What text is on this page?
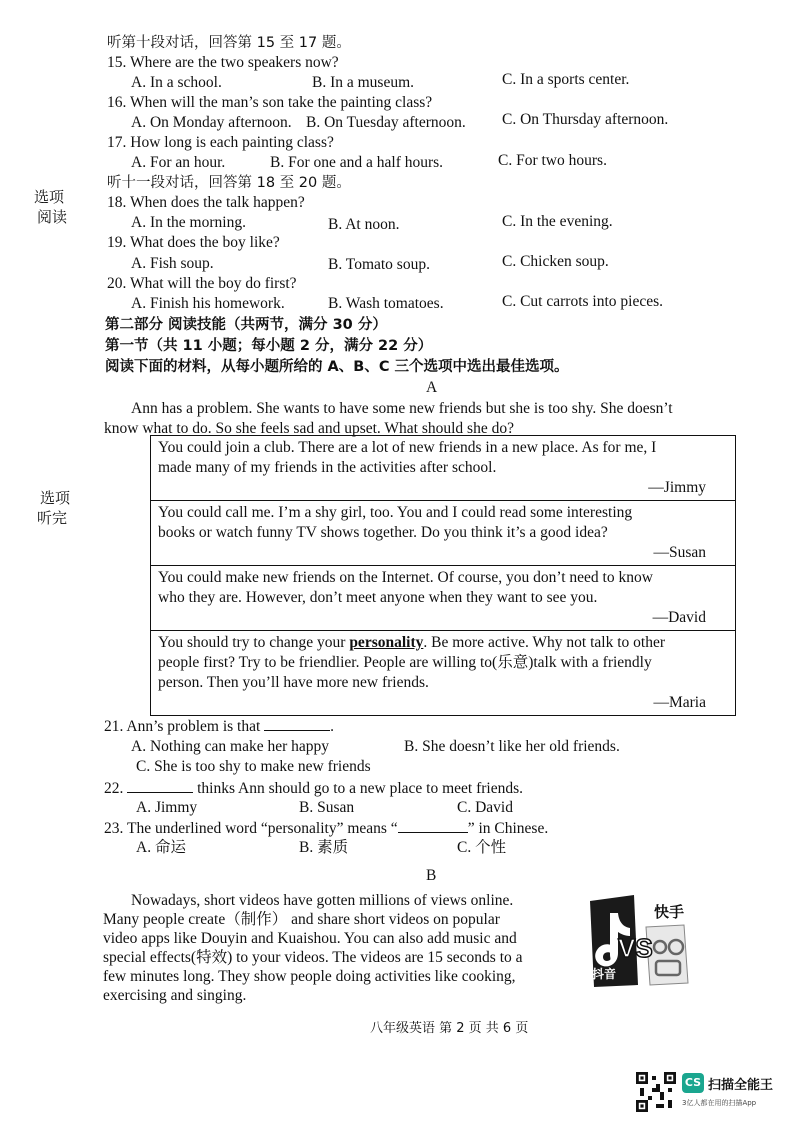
听第十段对话，回答第 15 至 17 题。
15. Where are the two speakers now?
A. In a school.	B. In a museum.	C. In a sports center.
16. When will the man’s son take the painting class?
A. On Monday afternoon. B. On Tuesday afternoon. C. On Thursday afternoon.
17. How long is each painting class?
A. For an hour.	B. For one and a half hours.	C. For two hours.
听十一段对话，回答第 18 至 20 题。
18. When does the talk happen?
A. In the morning.	B. At noon.	C. In the evening.
19. What does the boy like?
A. Fish soup.	B. Tomato soup.	C. Chicken soup.
20. What will the boy do first?
A. Finish his homework.	B. Wash tomatoes.	C. Cut carrots into pieces.
选项
阅读
选项
听完
第二部分 阅读技能（共两节，满分 30 分）
第一节（共 11 小题；每小题 2 分，满分 22 分）
阅读下面的材料，从每小题所给的 A、B、C 三个选项中选出最佳选项。
A
Ann has a problem. She wants to have some new friends but she is too shy. She doesn’t
know what to do. So she feels sad and upset. What should she do?
You could join a club. There are a lot of new friends in a new place. As for me, I
made many of my friends in the activities after school.
—Jimmy
You could call me. I’m a shy girl, too. You and I could read some interesting
books or watch funny TV shows together. Do you think it’s a good idea?
—Susan
You could make new friends on the Internet. Of course, you don’t need to know
who they are. However, don’t meet anyone when they want to see you.
—David
You should try to change your personality. Be more active. Why not talk to other
people first? Try to be friendlier. People are willing to(乐意)talk with a friendly
person. Then you’ll have more new friends.
—Maria
21. Ann’s problem is that	.
A. Nothing can make her happy	B. She doesn’t like her old friends.
C. She is too shy to make new friends
22.	thinks Ann should go to a new place to meet friends.
A. Jimmy	B. Susan	C. David
23. The underlined word “personality” means “	” in Chinese.
A. 命运	B. 素质	C. 个性
B
Nowadays, short videos have gotten millions of views online.
Many people create（制作） and share short videos on popular
video apps like Douyin and Kuaishou. You can also add music and
special effects(特效) to your videos. The videos are 15 seconds to a
few minutes long. They show people doing activities like cooking,
exercising and singing.
快手
抖音
VS
八年级英语 第 2 页 共 6 页
CS 扫描全能王
3亿人都在用的扫描App
